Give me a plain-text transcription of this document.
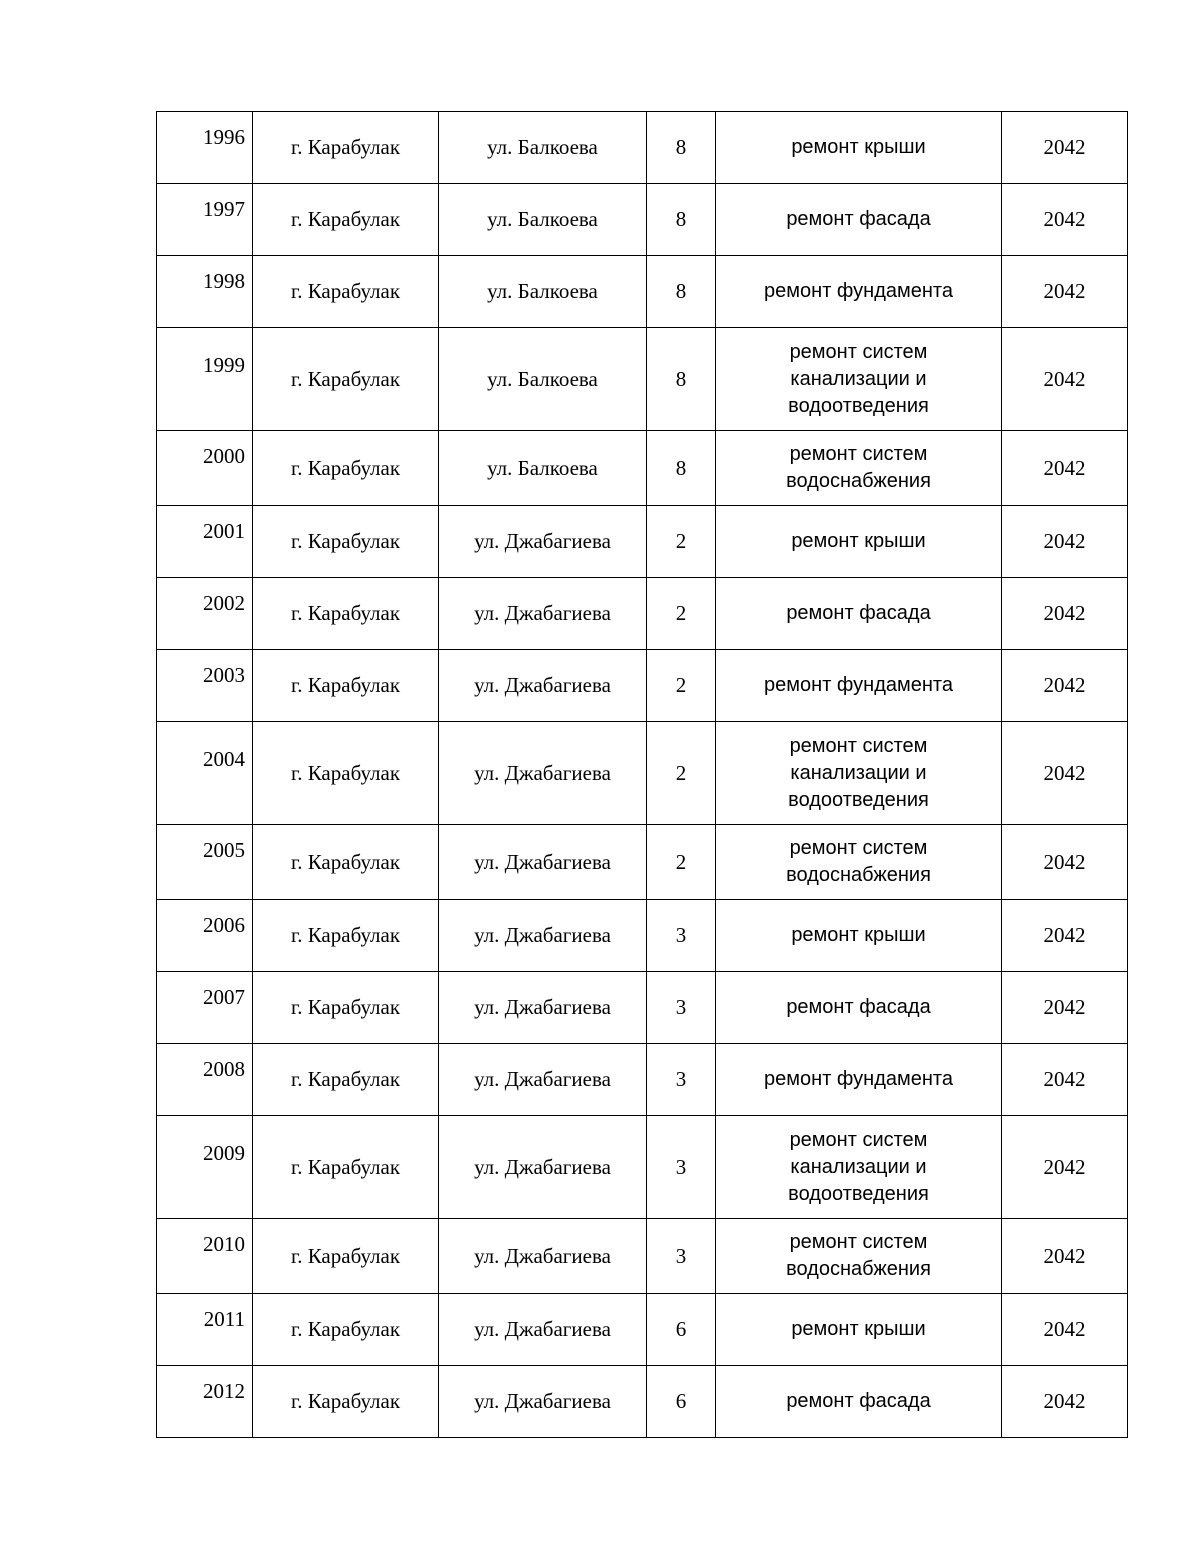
1996	г. Карабулак	ул. Балкоева	8	ремонт крыши	2042
1997	г. Карабулак	ул. Балкоева	8	ремонт фасада	2042
1998	г. Карабулак	ул. Балкоева	8	ремонт фундамента	2042
1999	г. Карабулак	ул. Балкоева	8	ремонт систем канализации и водоотведения	2042
2000	г. Карабулак	ул. Балкоева	8	ремонт систем водоснабжения	2042
2001	г. Карабулак	ул. Джабагиева	2	ремонт крыши	2042
2002	г. Карабулак	ул. Джабагиева	2	ремонт фасада	2042
2003	г. Карабулак	ул. Джабагиева	2	ремонт фундамента	2042
2004	г. Карабулак	ул. Джабагиева	2	ремонт систем канализации и водоотведения	2042
2005	г. Карабулак	ул. Джабагиева	2	ремонт систем водоснабжения	2042
2006	г. Карабулак	ул. Джабагиева	3	ремонт крыши	2042
2007	г. Карабулак	ул. Джабагиева	3	ремонт фасада	2042
2008	г. Карабулак	ул. Джабагиева	3	ремонт фундамента	2042
2009	г. Карабулак	ул. Джабагиева	3	ремонт систем канализации и водоотведения	2042
2010	г. Карабулак	ул. Джабагиева	3	ремонт систем водоснабжения	2042
2011	г. Карабулак	ул. Джабагиева	6	ремонт крыши	2042
2012	г. Карабулак	ул. Джабагиева	6	ремонт фасада	2042
